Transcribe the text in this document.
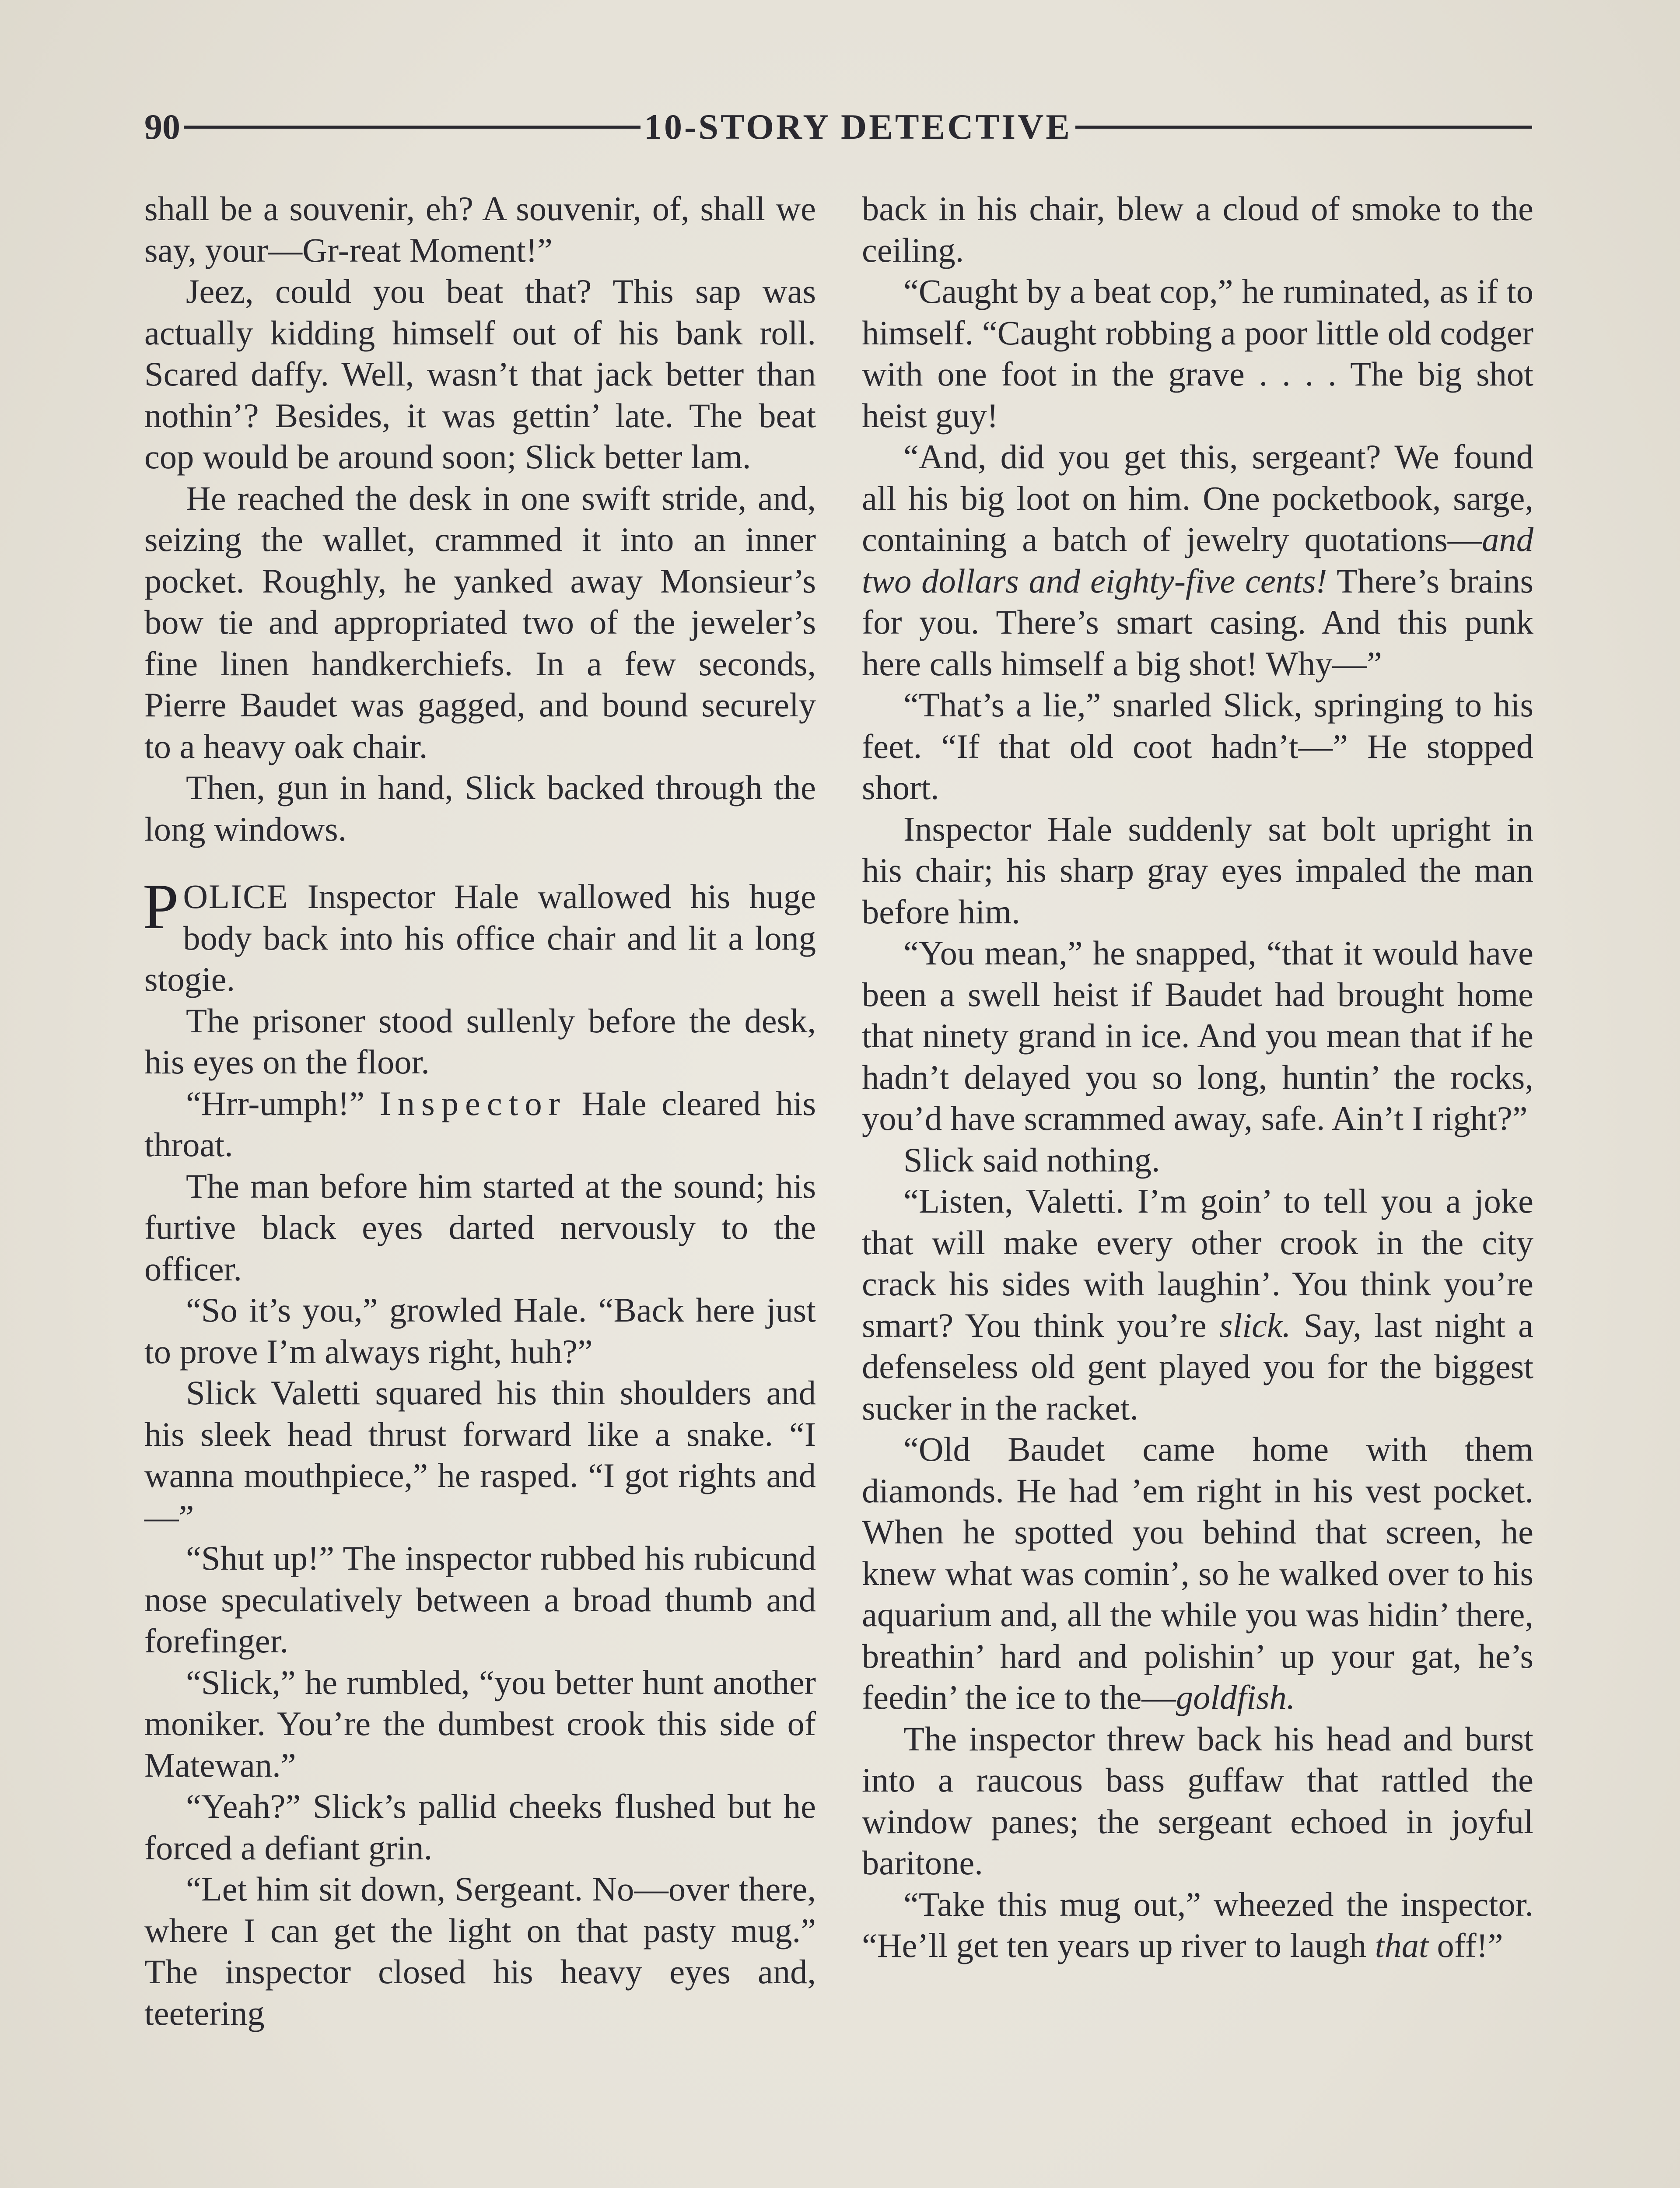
90	10-STORY DETECTIVE

shall be a souvenir, eh? A souvenir, of, shall we say, your—Gr-reat Moment!”

Jeez, could you beat that? This sap was actually kidding himself out of his bank roll. Scared daffy. Well, wasn’t that jack better than nothin’? Besides, it was gettin’ late. The beat cop would be around soon; Slick better lam.

He reached the desk in one swift stride, and, seizing the wallet, crammed it into an inner pocket. Roughly, he yanked away Monsieur’s bow tie and appropriated two of the jeweler’s fine linen handkerchiefs. In a few seconds, Pierre Baudet was gagged, and bound securely to a heavy oak chair.

Then, gun in hand, Slick backed through the long windows.

POLICE Inspector Hale wallowed his huge body back into his office chair and lit a long stogie.

The prisoner stood sullenly before the desk, his eyes on the floor.

“Hrr-umph!” Inspector Hale cleared his throat.

The man before him started at the sound; his furtive black eyes darted nervously to the officer.

“So it’s you,” growled Hale. “Back here just to prove I’m always right, huh?”

Slick Valetti squared his thin shoulders and his sleek head thrust forward like a snake. “I wanna mouthpiece,” he rasped. “I got rights and—”

“Shut up!” The inspector rubbed his rubicund nose speculatively between a broad thumb and forefinger.

“Slick,” he rumbled, “you better hunt another moniker. You’re the dumbest crook this side of Matewan.”

“Yeah?” Slick’s pallid cheeks flushed but he forced a defiant grin.

“Let him sit down, Sergeant. No—over there, where I can get the light on that pasty mug.” The inspector closed his heavy eyes and, teetering

back in his chair, blew a cloud of smoke to the ceiling.

“Caught by a beat cop,” he ruminated, as if to himself. “Caught robbing a poor little old codger with one foot in the grave . . . . The big shot heist guy!

“And, did you get this, sergeant? We found all his big loot on him. One pocketbook, sarge, containing a batch of jewelry quotations—and two dollars and eighty-five cents! There’s brains for you. There’s smart casing. And this punk here calls himself a big shot! Why—”

“That’s a lie,” snarled Slick, springing to his feet. “If that old coot hadn’t—” He stopped short.

Inspector Hale suddenly sat bolt upright in his chair; his sharp gray eyes impaled the man before him.

“You mean,” he snapped, “that it would have been a swell heist if Baudet had brought home that ninety grand in ice. And you mean that if he hadn’t delayed you so long, huntin’ the rocks, you’d have scrammed away, safe. Ain’t I right?”

Slick said nothing.

“Listen, Valetti. I’m goin’ to tell you a joke that will make every other crook in the city crack his sides with laughin’. You think you’re smart? You think you’re slick. Say, last night a defenseless old gent played you for the biggest sucker in the racket.

“Old Baudet came home with them diamonds. He had ’em right in his vest pocket. When he spotted you behind that screen, he knew what was comin’, so he walked over to his aquarium and, all the while you was hidin’ there, breathin’ hard and polishin’ up your gat, he’s feedin’ the ice to the—goldfish.

The inspector threw back his head and burst into a raucous bass guffaw that rattled the window panes; the sergeant echoed in joyful baritone.

“Take this mug out,” wheezed the inspector. “He’ll get ten years up river to laugh that off!”
